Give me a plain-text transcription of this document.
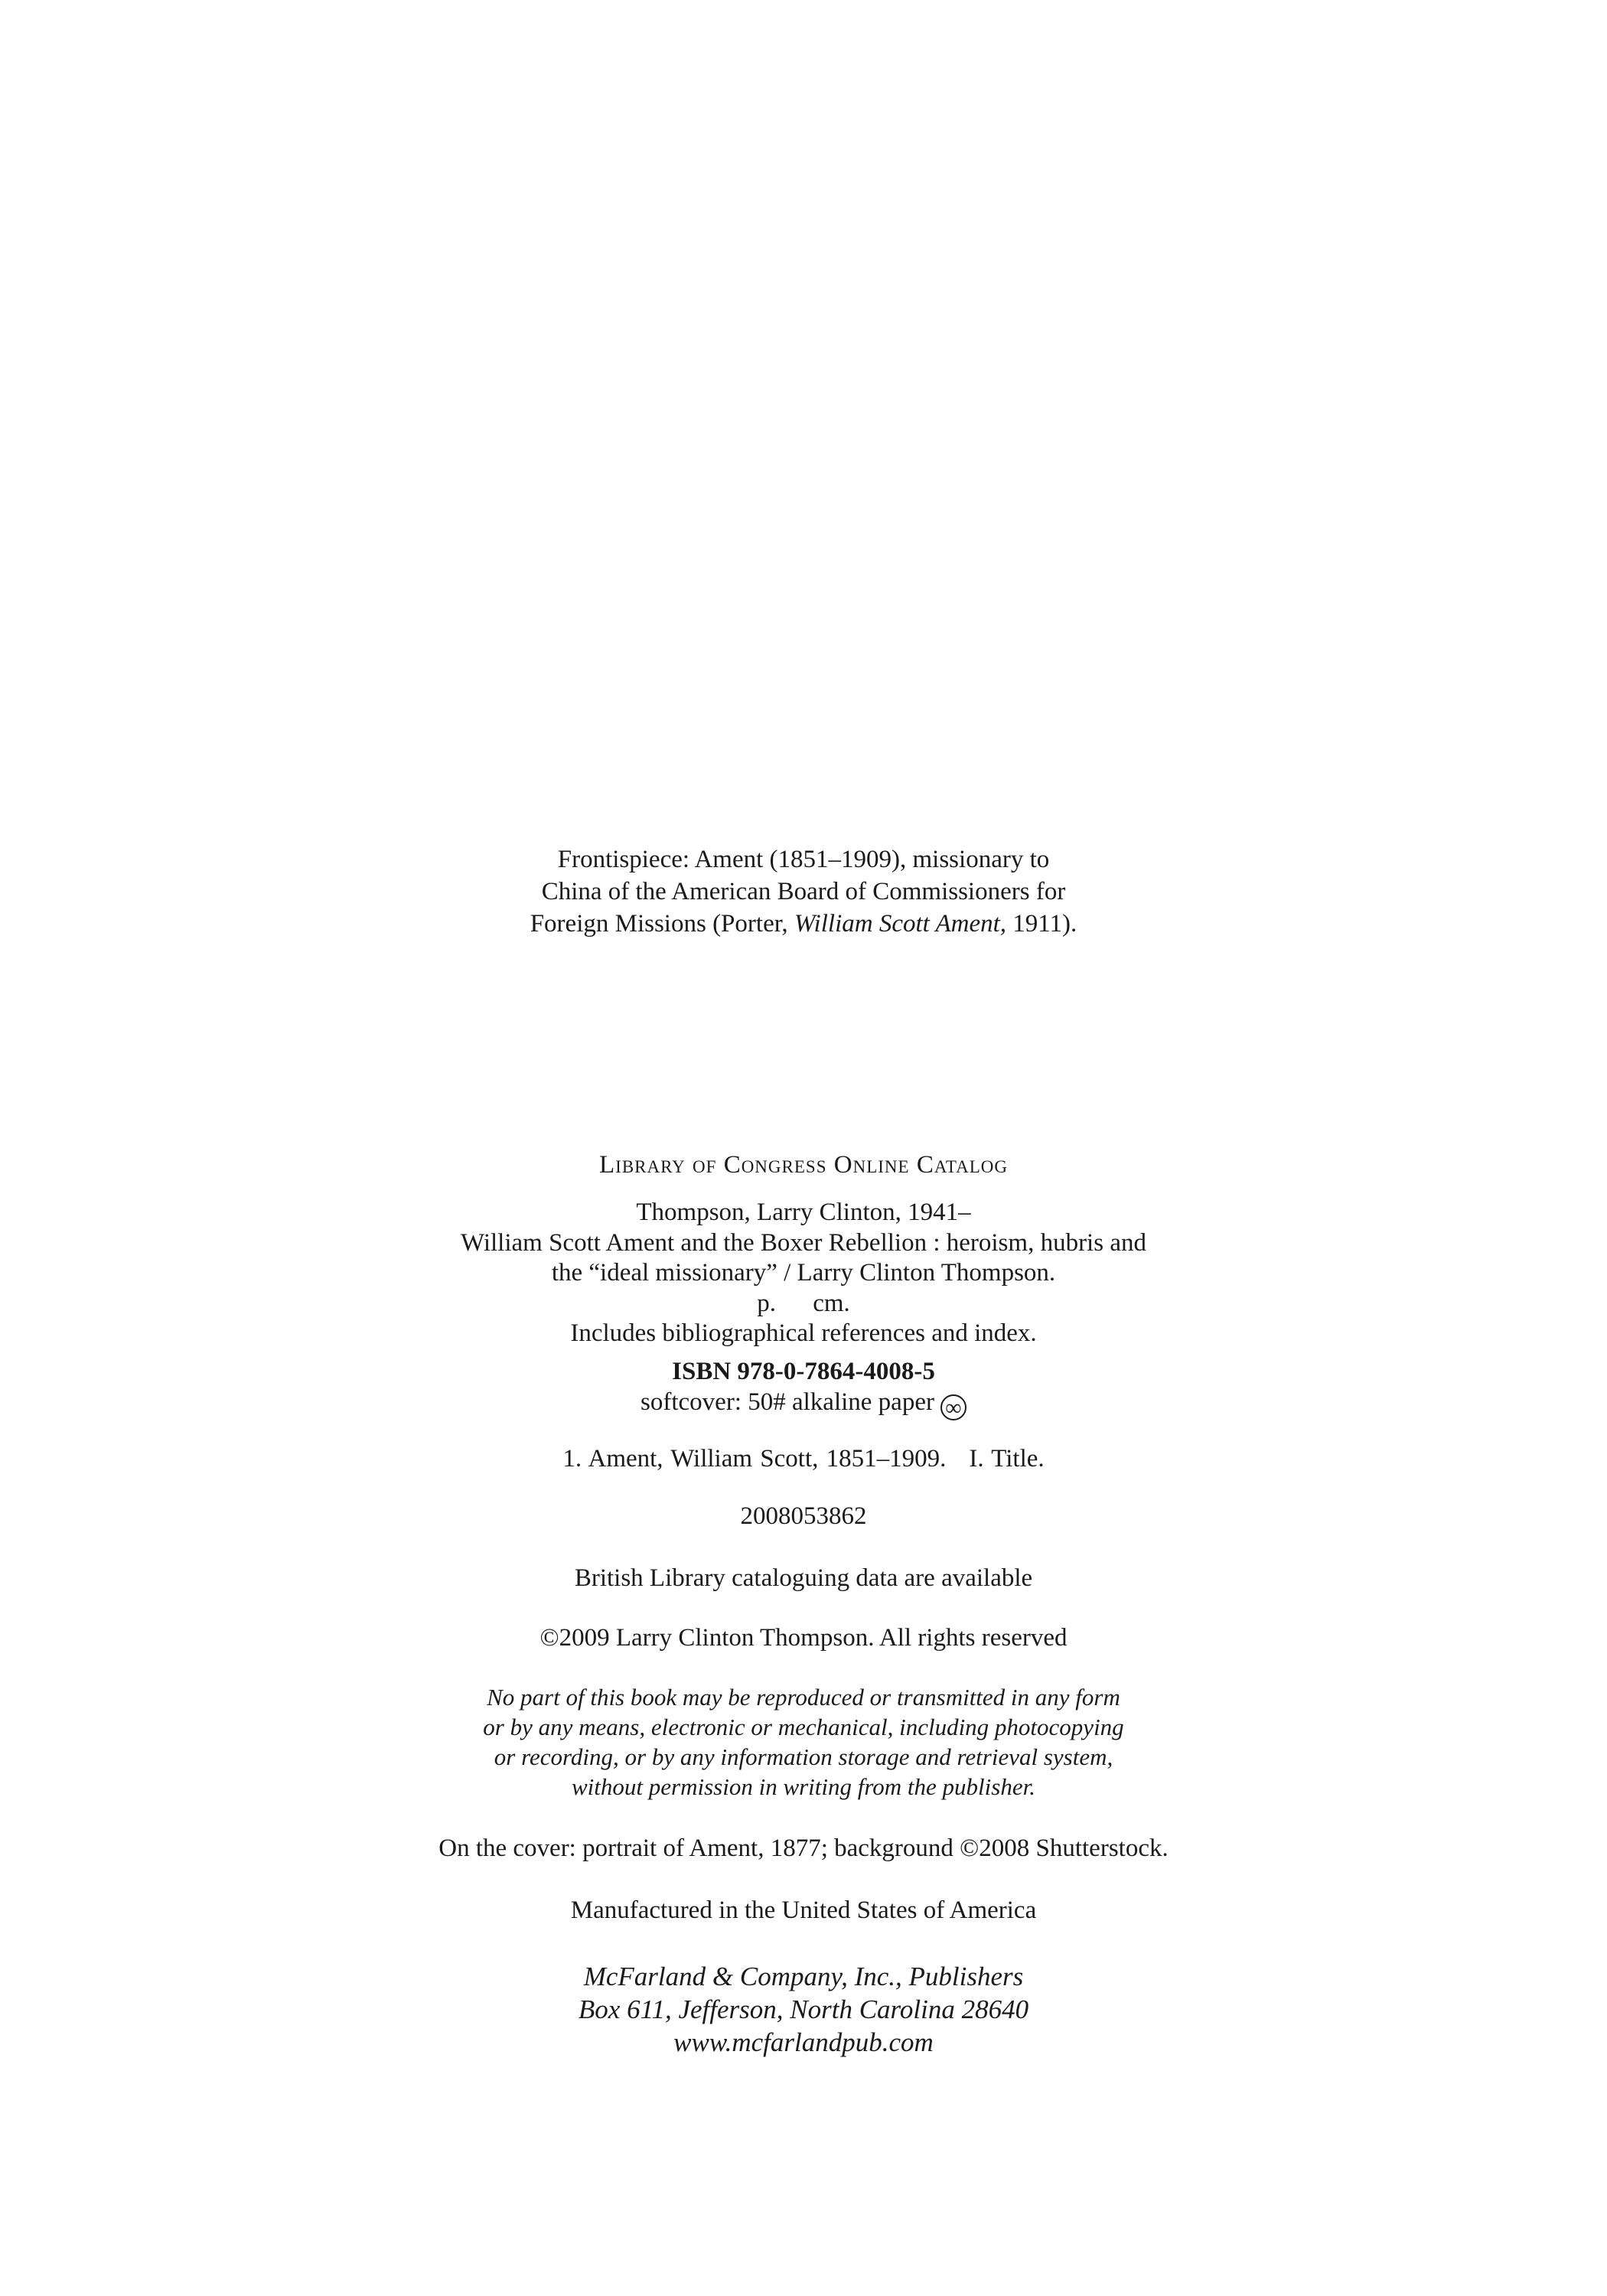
Frontispiece: Ament (1851–1909), missionary to
China of the American Board of Commissioners for
Foreign Missions (Porter, William Scott Ament, 1911).
Library of Congress Online Catalog
Thompson, Larry Clinton, 1941–
William Scott Ament and the Boxer Rebellion : heroism, hubris and
the “ideal missionary” / Larry Clinton Thompson.
p. cm.
Includes bibliographical references and index.
ISBN 978-0-7864-4008-5
softcover: 50# alkaline paper ∞
1. Ament, William Scott, 1851–1909. I. Title.
2008053862
British Library cataloguing data are available
©2009 Larry Clinton Thompson. All rights reserved
No part of this book may be reproduced or transmitted in any form
or by any means, electronic or mechanical, including photocopying
or recording, or by any information storage and retrieval system,
without permission in writing from the publisher.
On the cover: portrait of Ament, 1877; background ©2008 Shutterstock.
Manufactured in the United States of America
McFarland & Company, Inc., Publishers
Box 611, Jefferson, North Carolina 28640
www.mcfarlandpub.com
